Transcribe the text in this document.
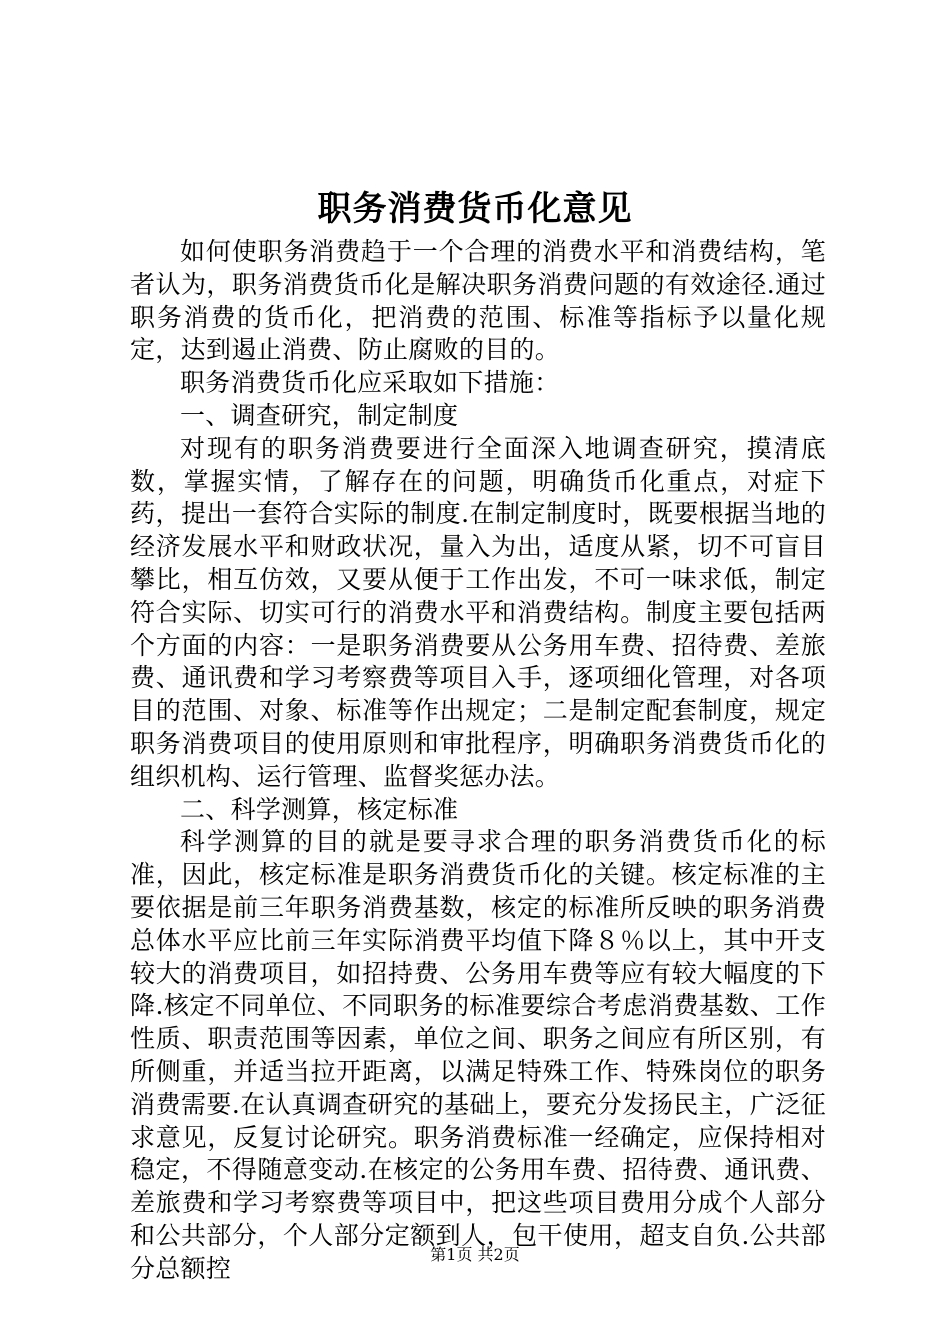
职务消费货币化意见

如何使职务消费趋于一个合理的消费水平和消费结构，笔者认为，职务消费货币化是解决职务消费问题的有效途径.通过职务消费的货币化，把消费的范围、标准等指标予以量化规定，达到遏止消费、防止腐败的目的。

职务消费货币化应采取如下措施：

一、调查研究，制定制度

对现有的职务消费要进行全面深入地调查研究，摸清底数，掌握实情，了解存在的问题，明确货币化重点，对症下药，提出一套符合实际的制度.在制定制度时，既要根据当地的经济发展水平和财政状况，量入为出，适度从紧，切不可盲目攀比，相互仿效，又要从便于工作出发，不可一味求低，制定符合实际、切实可行的消费水平和消费结构。制度主要包括两个方面的内容：一是职务消费要从公务用车费、招待费、差旅费、通讯费和学习考察费等项目入手，逐项细化管理，对各项目的范围、对象、标准等作出规定；二是制定配套制度，规定职务消费项目的使用原则和审批程序，明确职务消费货币化的组织机构、运行管理、监督奖惩办法。

二、科学测算，核定标准

科学测算的目的就是要寻求合理的职务消费货币化的标准，因此，核定标准是职务消费货币化的关键。核定标准的主要依据是前三年职务消费基数，核定的标准所反映的职务消费总体水平应比前三年实际消费平均值下降８％以上，其中开支较大的消费项目，如招持费、公务用车费等应有较大幅度的下降.核定不同单位、不同职务的标准要综合考虑消费基数、工作性质、职责范围等因素，单位之间、职务之间应有所区别，有所侧重，并适当拉开距离，以满足特殊工作、特殊岗位的职务消费需要.在认真调查研究的基础上，要充分发扬民主，广泛征求意见，反复讨论研究。职务消费标准一经确定，应保持相对稳定，不得随意变动.在核定的公务用车费、招待费、通讯费、差旅费和学习考察费等项目中，把这些项目费用分成个人部分和公共部分，个人部分定额到人，包干使用，超支自负.公共部分总额控	第1页 共2页
